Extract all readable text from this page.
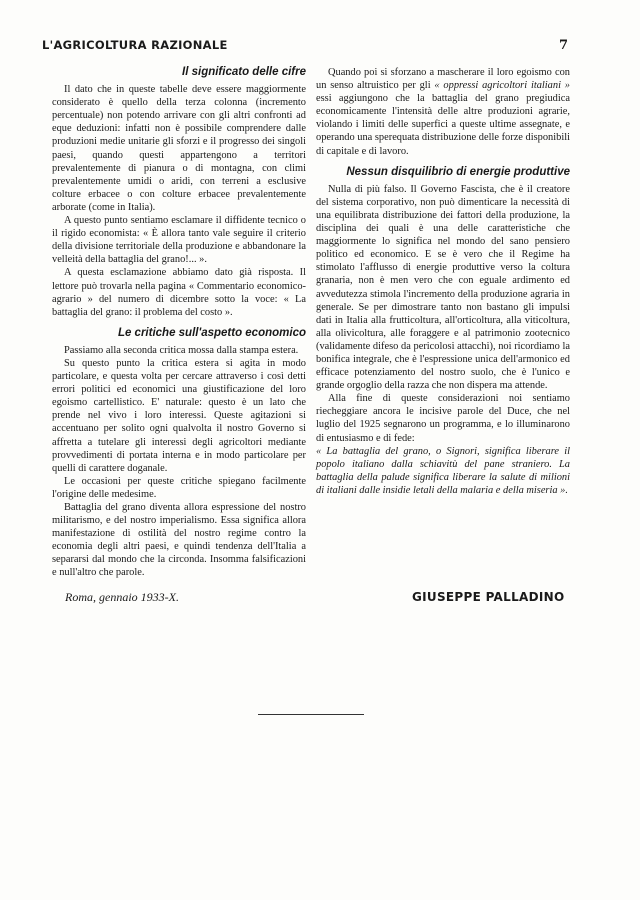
L'AGRICOLTURA RAZIONALE	7
Il significato delle cifre

Il dato che in queste tabelle deve essere maggiormente considerato è quello della terza colonna (incremento percentuale) non potendo arrivare con gli altri confronti ad eque deduzioni: infatti non è possibile comprendere dalle produzioni medie unitarie gli sforzi e il progresso dei singoli paesi, quando questi appartengono a territori prevalentemente di pianura o di montagna, con climi prevalentemente umidi o aridi, con terreni a esclusive colture erbacee o con colture erbacee prevalentemente arborate (come in Italia).

A questo punto sentiamo esclamare il diffidente tecnico o il rigido economista: « È allora tanto vale seguire il criterio della divisione territoriale della produzione e abbandonare la velleità della battaglia del grano!... ».

A questa esclamazione abbiamo dato già risposta. Il lettore può trovarla nella pagina « Commentario economico-agrario » del numero di dicembre sotto la voce: « La battaglia del grano: il problema del costo ».

Le critiche sull'aspetto economico

Passiamo alla seconda critica mossa dalla stampa estera.

Su questo punto la critica estera si agita in modo particolare, e questa volta per cercare attraverso i così detti errori politici ed economici una giustificazione del loro egoismo cartellistico. E' naturale: questo è un lato che prende nel vivo i loro interessi. Queste agitazioni si accentuano per solito ogni qualvolta il nostro Governo si affretta a tutelare gli interessi degli agricoltori mediante provvedimenti di portata interna e in modo particolare per quelli di carattere doganale.

Le occasioni per queste critiche spiegano facilmente l'origine delle medesime.

Battaglia del grano diventa allora espressione del nostro militarismo, e del nostro imperialismo. Essa significa allora manifestazione di ostilità del nostro regime contro la economia degli altri paesi, e quindi tendenza dell'Italia a separarsi dal mondo che la circonda. Insomma falsificazioni e null'altro che parole.

Quando poi si sforzano a mascherare il loro egoismo con un senso altruistico per gli « oppressi agricoltori italiani » essi aggiungono che la battaglia del grano pregiudica economicamente l'intensità delle altre produzioni agrarie, violando i limiti delle superfici a queste ultime assegnate, e operando una sperequata distribuzione delle forze disponibili di capitale e di lavoro.

Nessun disquilibrio di energie produttive

Nulla di più falso. Il Governo Fascista, che è il creatore del sistema corporativo, non può dimenticare la necessità di una equilibrata distribuzione dei fattori della produzione, la disciplina dei quali è una delle caratteristiche che maggiormente lo significa nel mondo del sano pensiero politico ed economico. E se è vero che il Regime ha stimolato l'afflusso di energie produttive verso la coltura granaria, non è men vero che con eguale ardimento ed avvedutezza stimola l'incremento della produzione agraria in generale. Se per dimostrare tanto non bastano gli impulsi dati in Italia alla frutticoltura, all'orticoltura, alla viticoltura, alla olivicoltura, alle foraggere e al patrimonio zootecnico (validamente difeso da pericolosi attacchi), noi ricordiamo la bonifica integrale, che è l'espressione unica dell'armonico ed efficace potenziamento del nostro suolo, che è l'unico e grande orgoglio della razza che non dispera ma attende.

Alla fine di queste considerazioni noi sentiamo riecheggiare ancora le incisive parole del Duce, che nel luglio del 1925 segnarono un programma, e lo illuminarono di entusiasmo e di fede:

« La battaglia del grano, o Signori, significa liberare il popolo italiano dalla schiavitù del pane straniero. La battaglia della palude significa liberare la salute di milioni di italiani dalle insidie letali della malaria e della miseria ».

Roma, gennaio 1933-X.	GIUSEPPE PALLADINO
